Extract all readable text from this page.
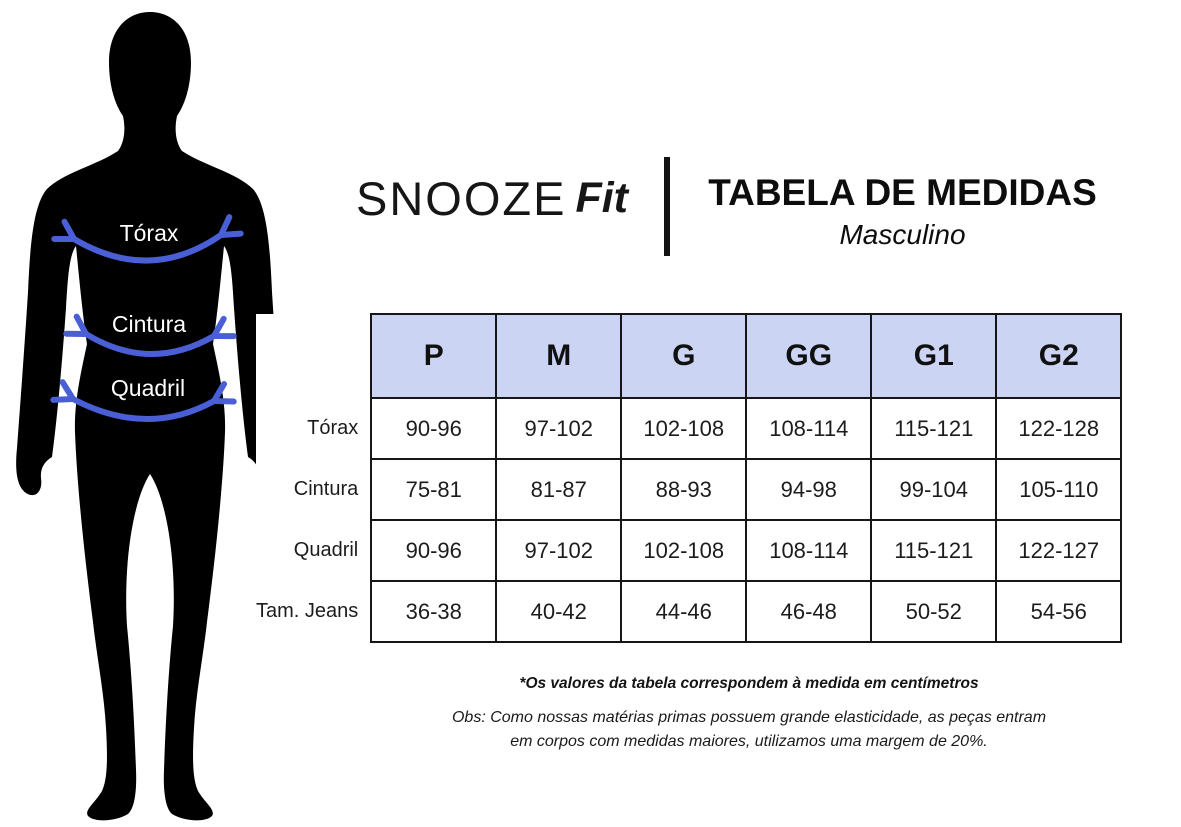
Tórax
Cintura
Quadril
SNOOZE Fit	TABELA DE MEDIDAS
Masculino
	P	M	G	GG	G1	G2
Tórax	90-96	97-102	102-108	108-114	115-121	122-128
Cintura	75-81	81-87	88-93	94-98	99-104	105-110
Quadril	90-96	97-102	102-108	108-114	115-121	122-127
Tam. Jeans	36-38	40-42	44-46	46-48	50-52	54-56
*Os valores da tabela correspondem à medida em centímetros
Obs: Como nossas matérias primas possuem grande elasticidade, as peças entram
em corpos com medidas maiores, utilizamos uma margem de 20%.
